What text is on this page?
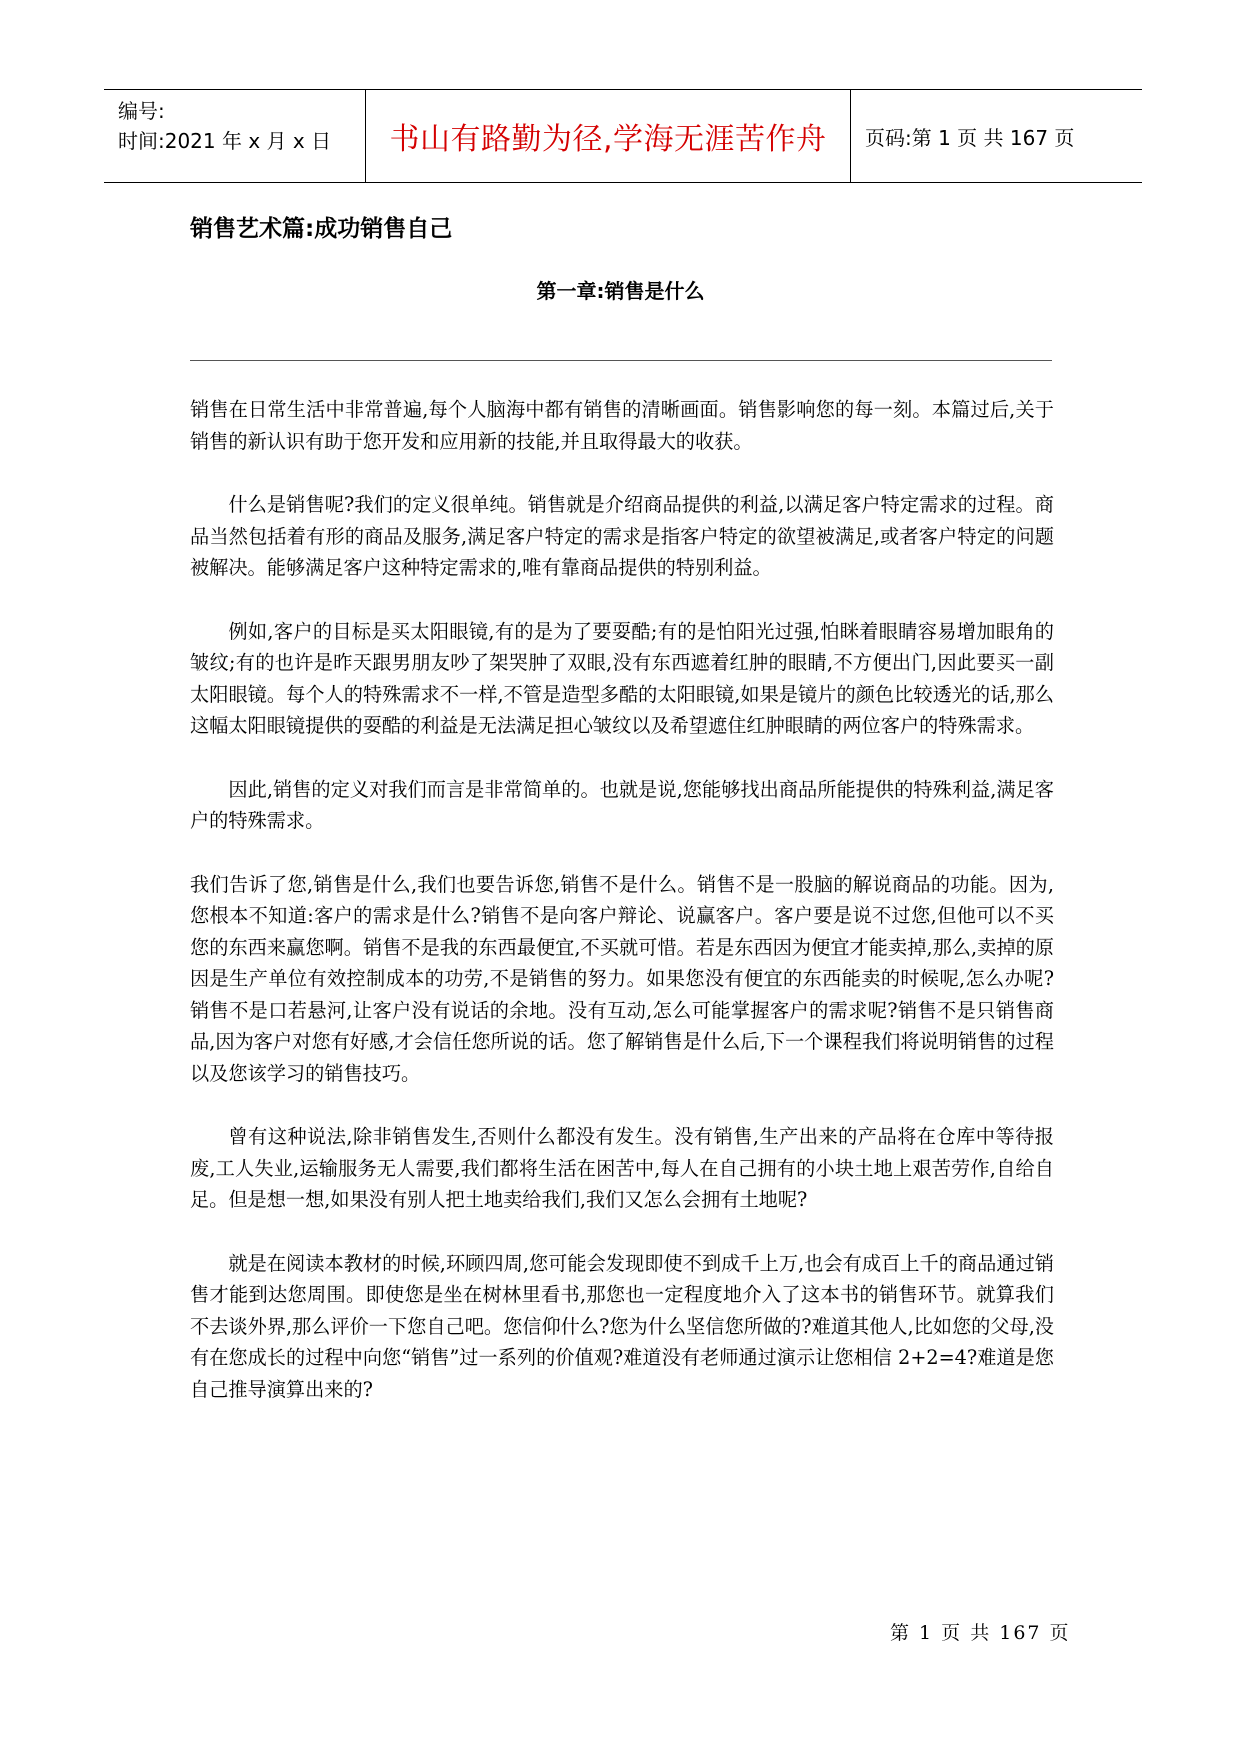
编号:
时间:2021 年 x 月 x 日	书山有路勤为径,学海无涯苦作舟	页码:第 1 页 共 167 页
销售艺术篇:成功销售自己
第一章:销售是什么

销售在日常生活中非常普遍,每个人脑海中都有销售的清晰画面。销售影响您的每一刻。本篇过后,关于销售的新认识有助于您开发和应用新的技能,并且取得最大的收获。

什么是销售呢?我们的定义很单纯。销售就是介绍商品提供的利益,以满足客户特定需求的过程。商品当然包括着有形的商品及服务,满足客户特定的需求是指客户特定的欲望被满足,或者客户特定的问题被解决。能够满足客户这种特定需求的,唯有靠商品提供的特别利益。

例如,客户的目标是买太阳眼镜,有的是为了要耍酷;有的是怕阳光过强,怕眯着眼睛容易增加眼角的皱纹;有的也许是昨天跟男朋友吵了架哭肿了双眼,没有东西遮着红肿的眼睛,不方便出门,因此要买一副太阳眼镜。每个人的特殊需求不一样,不管是造型多酷的太阳眼镜,如果是镜片的颜色比较透光的话,那么这幅太阳眼镜提供的耍酷的利益是无法满足担心皱纹以及希望遮住红肿眼睛的两位客户的特殊需求。

因此,销售的定义对我们而言是非常简单的。也就是说,您能够找出商品所能提供的特殊利益,满足客户的特殊需求。

我们告诉了您,销售是什么,我们也要告诉您,销售不是什么。销售不是一股脑的解说商品的功能。因为,您根本不知道:客户的需求是什么?销售不是向客户辩论、说赢客户。客户要是说不过您,但他可以不买您的东西来赢您啊。销售不是我的东西最便宜,不买就可惜。若是东西因为便宜才能卖掉,那么,卖掉的原因是生产单位有效控制成本的功劳,不是销售的努力。如果您没有便宜的东西能卖的时候呢,怎么办呢?销售不是口若悬河,让客户没有说话的余地。没有互动,怎么可能掌握客户的需求呢?销售不是只销售商品,因为客户对您有好感,才会信任您所说的话。您了解销售是什么后,下一个课程我们将说明销售的过程以及您该学习的销售技巧。

曾有这种说法,除非销售发生,否则什么都没有发生。没有销售,生产出来的产品将在仓库中等待报废,工人失业,运输服务无人需要,我们都将生活在困苦中,每人在自己拥有的小块土地上艰苦劳作,自给自足。但是想一想,如果没有别人把土地卖给我们,我们又怎么会拥有土地呢?

就是在阅读本教材的时候,环顾四周,您可能会发现即使不到成千上万,也会有成百上千的商品通过销售才能到达您周围。即使您是坐在树林里看书,那您也一定程度地介入了这本书的销售环节。就算我们不去谈外界,那么评价一下您自己吧。您信仰什么?您为什么坚信您所做的?难道其他人,比如您的父母,没有在您成长的过程中向您“销售”过一系列的价值观?难道没有老师通过演示让您相信 2+2=4?难道是您自己推导演算出来的?

第 1 页 共 167 页
